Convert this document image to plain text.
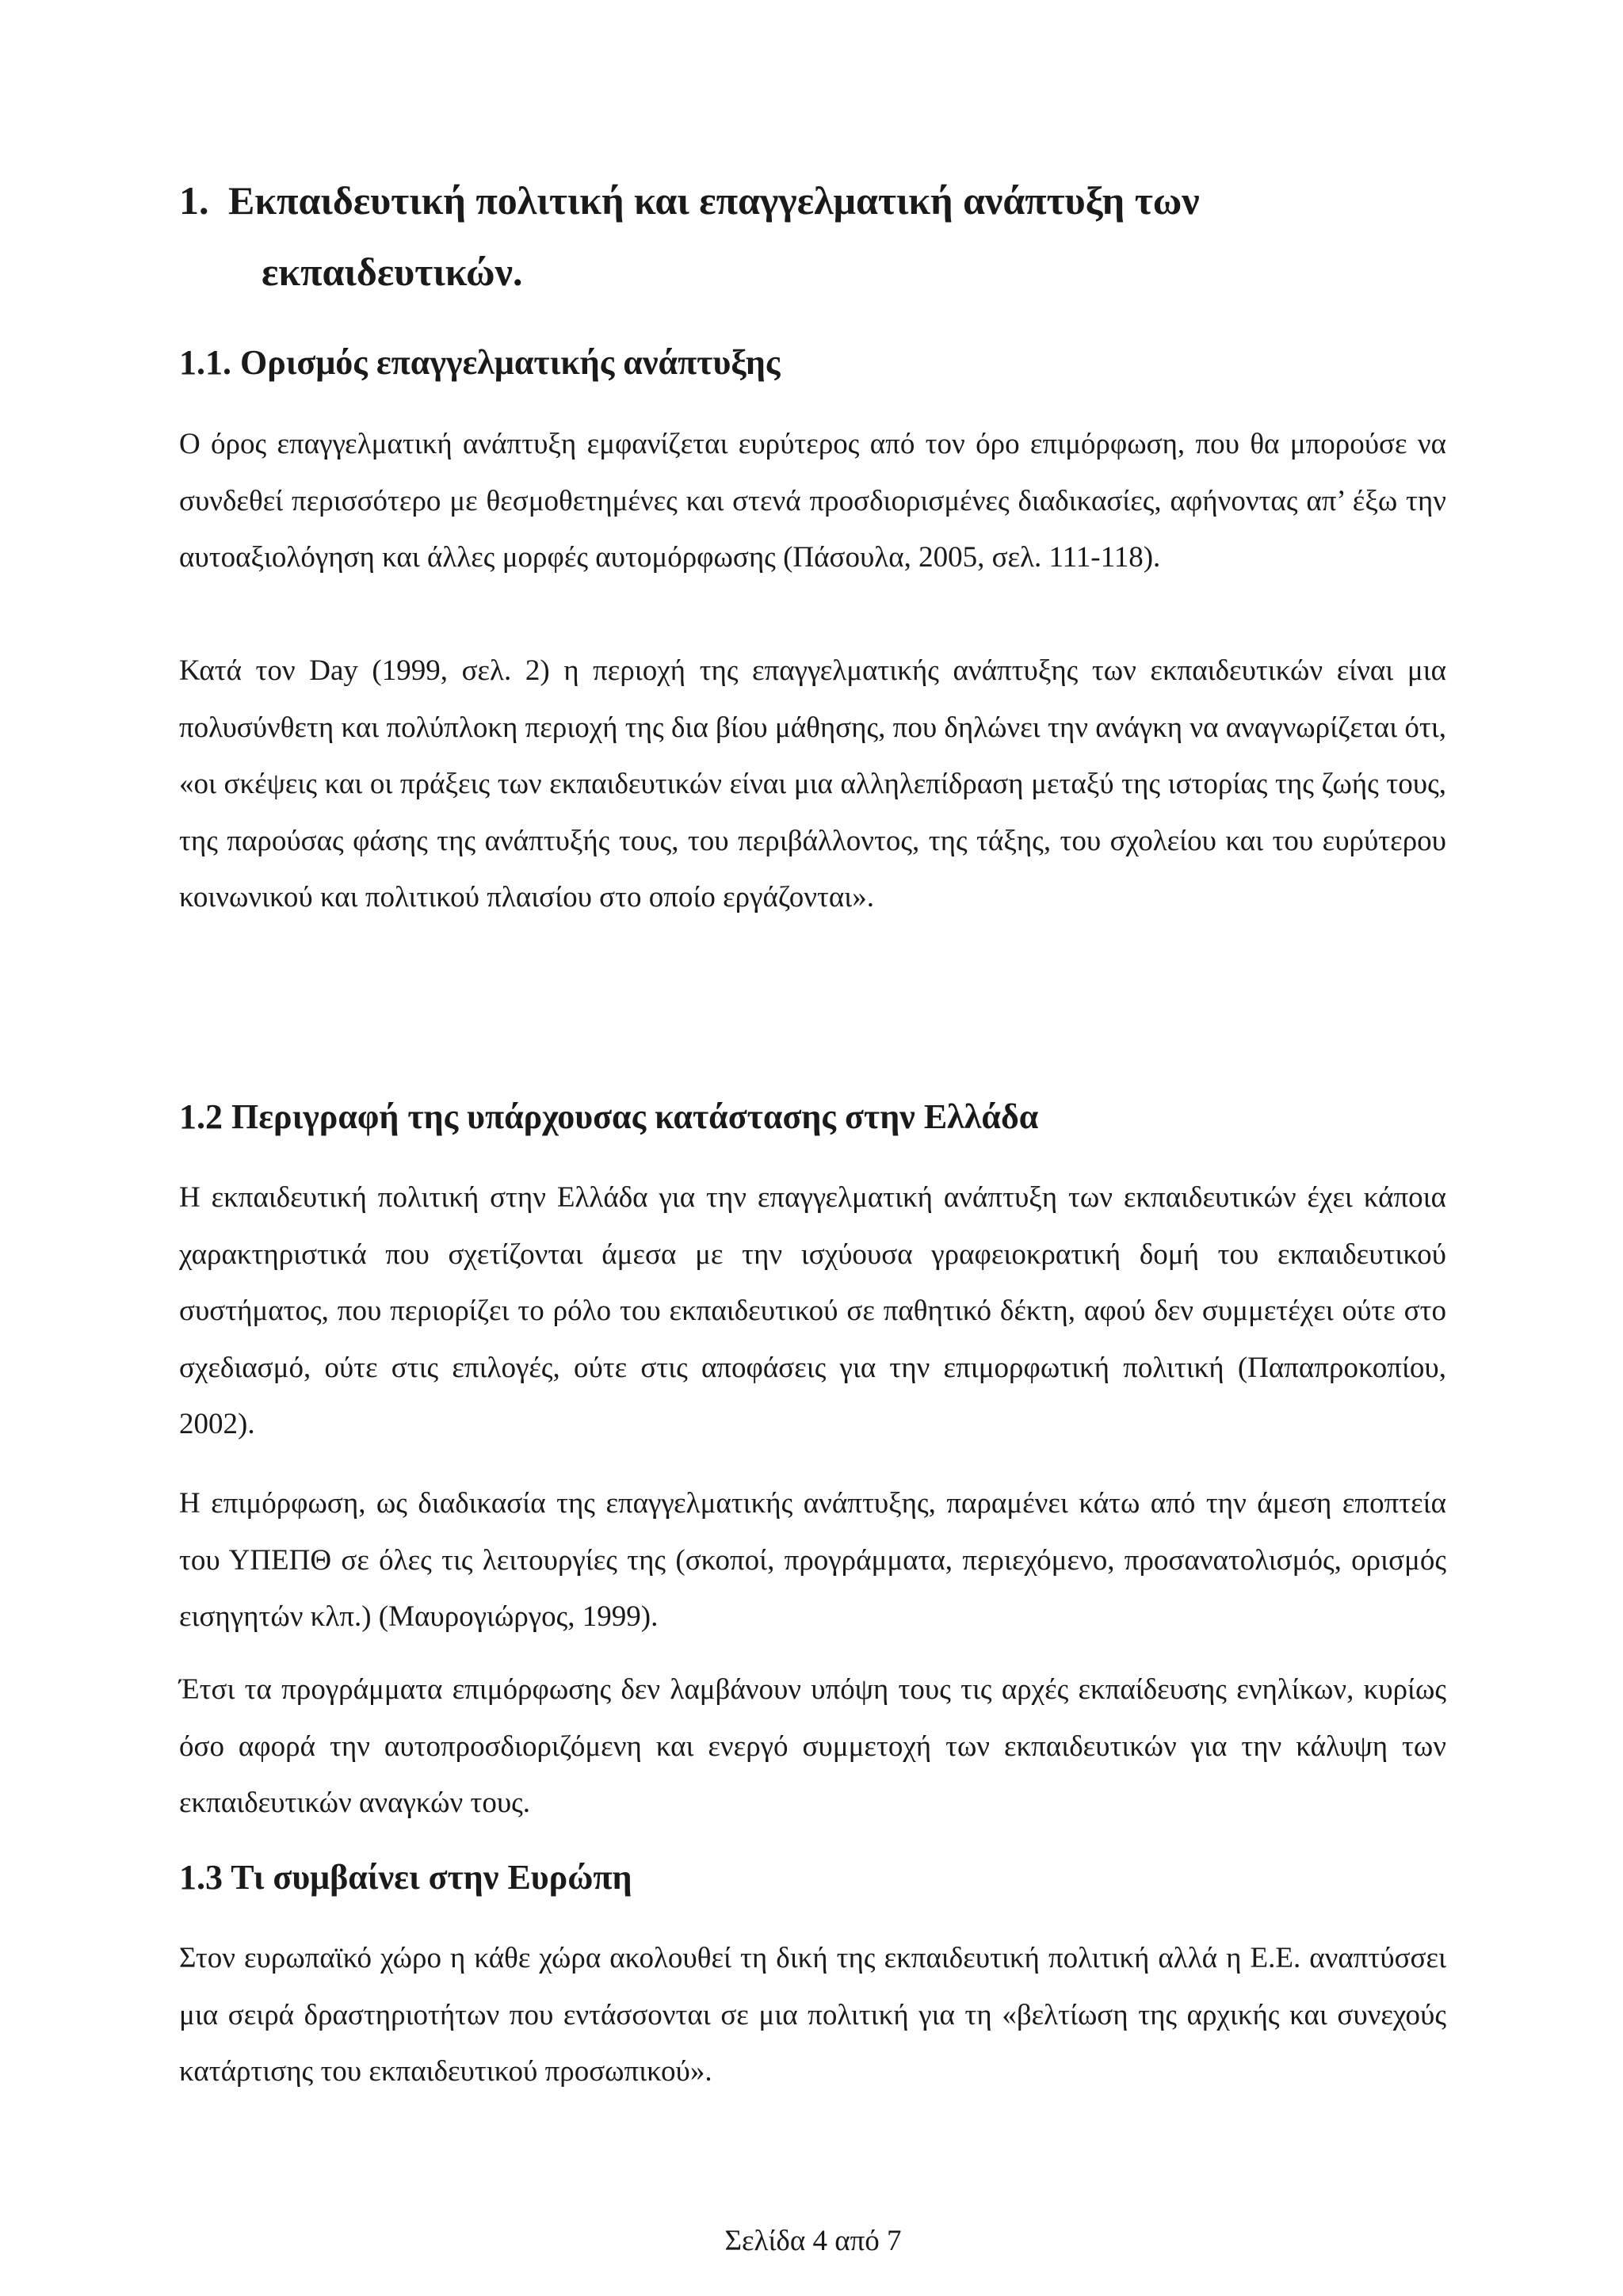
1. Εκπαιδευτική πολιτική και επαγγελματική ανάπτυξη των
εκπαιδευτικών.
1.1. Ορισμός επαγγελματικής ανάπτυξης

Ο όρος επαγγελματική ανάπτυξη εμφανίζεται ευρύτερος από τον όρο επιμόρφωση, που θα μπορούσε να συνδεθεί περισσότερο με θεσμοθετημένες και στενά προσδιορισμένες διαδικασίες, αφήνοντας απ’ έξω την αυτοαξιολόγηση και άλλες μορφές αυτομόρφωσης (Πάσουλα, 2005, σελ. 111-118).

Κατά τον Day (1999, σελ. 2) η περιοχή της επαγγελματικής ανάπτυξης των εκπαιδευτικών είναι μια πολυσύνθετη και πολύπλοκη περιοχή της δια βίου μάθησης, που δηλώνει την ανάγκη να αναγνωρίζεται ότι, «οι σκέψεις και οι πράξεις των εκπαιδευτικών είναι μια αλληλεπίδραση μεταξύ της ιστορίας της ζωής τους, της παρούσας φάσης της ανάπτυξής τους, του περιβάλλοντος, της τάξης, του σχολείου και του ευρύτερου κοινωνικού και πολιτικού πλαισίου στο οποίο εργάζονται».

1.2 Περιγραφή της υπάρχουσας κατάστασης στην Ελλάδα

Η εκπαιδευτική πολιτική στην Ελλάδα για την επαγγελματική ανάπτυξη των εκπαιδευτικών έχει κάποια χαρακτηριστικά που σχετίζονται άμεσα με την ισχύουσα γραφειοκρατική δομή του εκπαιδευτικού συστήματος, που περιορίζει το ρόλο του εκπαιδευτικού σε παθητικό δέκτη, αφού δεν συμμετέχει ούτε στο σχεδιασμό, ούτε στις επιλογές, ούτε στις αποφάσεις για την επιμορφωτική πολιτική (Παπαπροκοπίου, 2002).

Η επιμόρφωση, ως διαδικασία της επαγγελματικής ανάπτυξης, παραμένει κάτω από την άμεση εποπτεία του ΥΠΕΠΘ σε όλες τις λειτουργίες της (σκοποί, προγράμματα, περιεχόμενο, προσανατολισμός, ορισμός εισηγητών κλπ.) (Μαυρογιώργος, 1999).

Έτσι τα προγράμματα επιμόρφωσης δεν λαμβάνουν υπόψη τους τις αρχές εκπαίδευσης ενηλίκων, κυρίως όσο αφορά την αυτοπροσδιοριζόμενη και ενεργό συμμετοχή των εκπαιδευτικών για την κάλυψη των εκπαιδευτικών αναγκών τους.

1.3 Τι συμβαίνει στην Ευρώπη

Στον ευρωπαϊκό χώρο η κάθε χώρα ακολουθεί τη δική της εκπαιδευτική πολιτική αλλά η Ε.Ε. αναπτύσσει μια σειρά δραστηριοτήτων που εντάσσονται σε μια πολιτική για τη «βελτίωση της αρχικής και συνεχούς κατάρτισης του εκπαιδευτικού προσωπικού».

Σελίδα 4 από 7
